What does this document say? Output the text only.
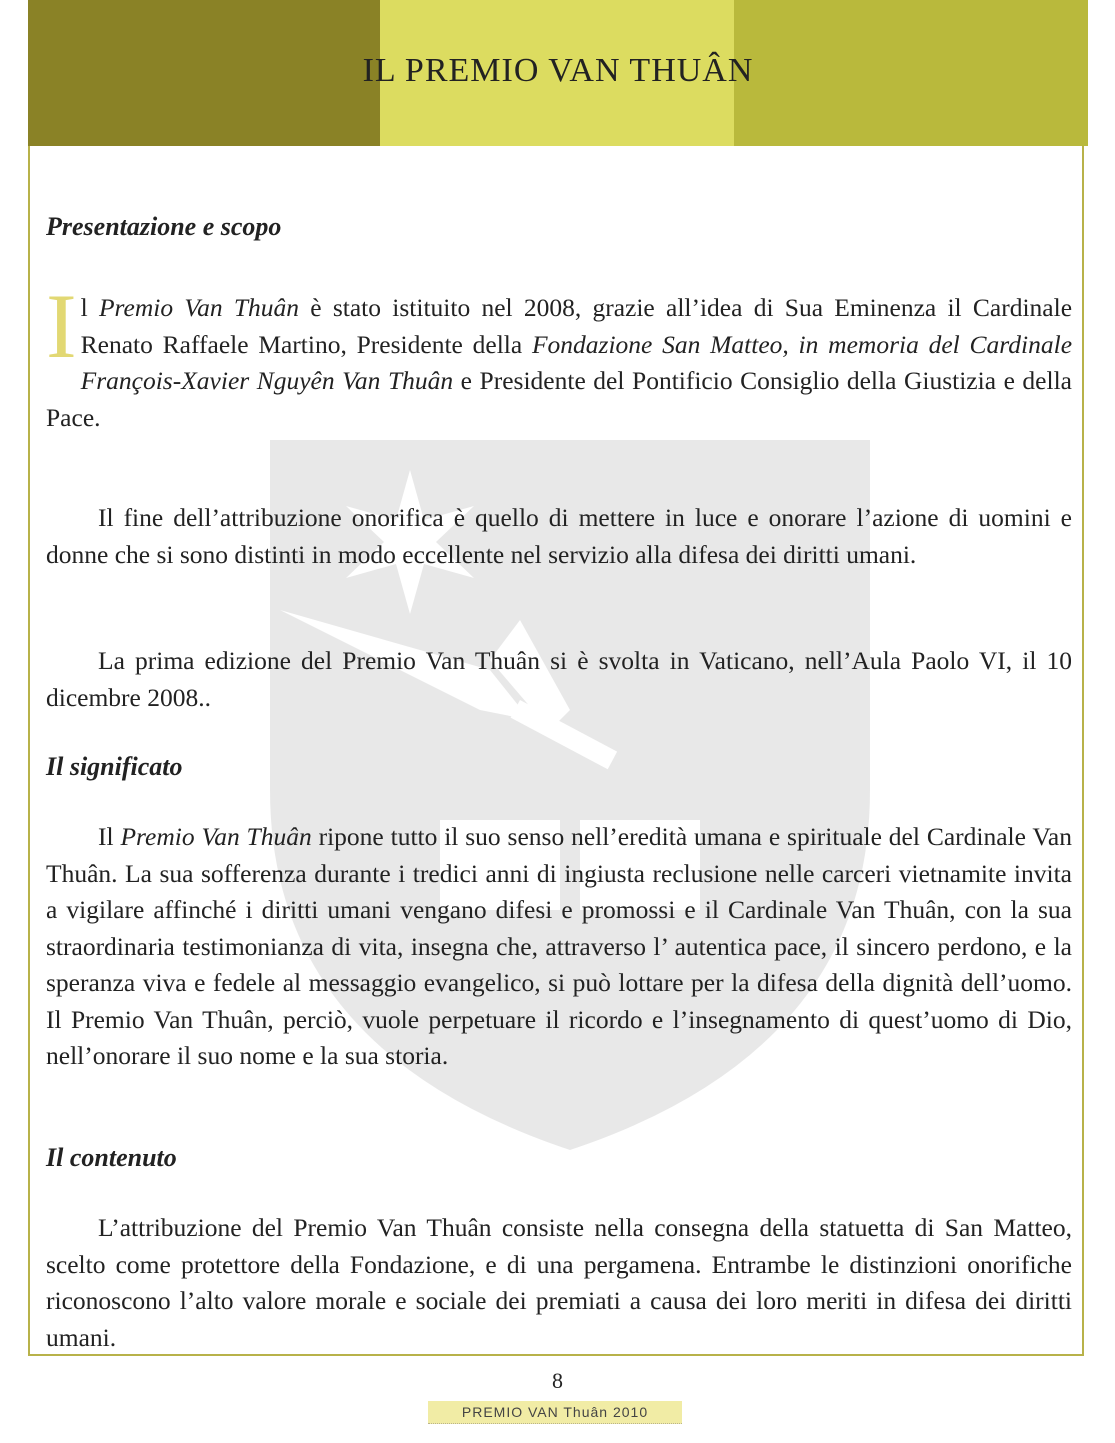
IL PREMIO VAN THUÂN
Presentazione e scopo
Il Premio Van Thuân è stato istituito nel 2008, grazie all’idea di Sua Eminenza il Cardinale Renato Raffaele Martino, Presidente della Fondazione San Matteo, in memoria del Cardinale François-Xavier Nguyên Van Thuân e Presidente del Pontificio Consiglio della Giustizia e della Pace.
Il fine dell’attribuzione onorifica è quello di mettere in luce e onorare l’azione di uomini e donne che si sono distinti in modo eccellente nel servizio alla difesa dei diritti umani.
La prima edizione del Premio Van Thuân si è svolta in Vaticano, nell’Aula Paolo VI, il 10 dicembre 2008..
Il significato
Il Premio Van Thuân ripone tutto il suo senso nell’eredità umana e spirituale del Cardinale Van Thuân. La sua sofferenza durante i tredici anni di ingiusta reclusione nelle carceri vietnamite invita a vigilare affinché i diritti umani vengano difesi e promossi e il Cardinale Van Thuân, con la sua straordinaria testimonianza di vita, insegna che, attraverso l’ autentica pace, il sincero perdono, e la speranza viva e fedele al messaggio evangelico, si può lottare per la difesa della dignità dell’uomo. Il Premio Van Thuân, perciò, vuole perpetuare il ricordo e l’insegnamento di quest’uomo di Dio, nell’onorare il suo nome e la sua storia.
Il contenuto
L’attribuzione del Premio Van Thuân consiste nella consegna della statuetta di San Matteo, scelto come protettore della Fondazione, e di una pergamena. Entrambe le distinzioni onorifiche riconoscono l’alto valore morale e sociale dei premiati a causa dei loro meriti in difesa dei diritti umani.
8
PREMIO VAN Thuân 2010
